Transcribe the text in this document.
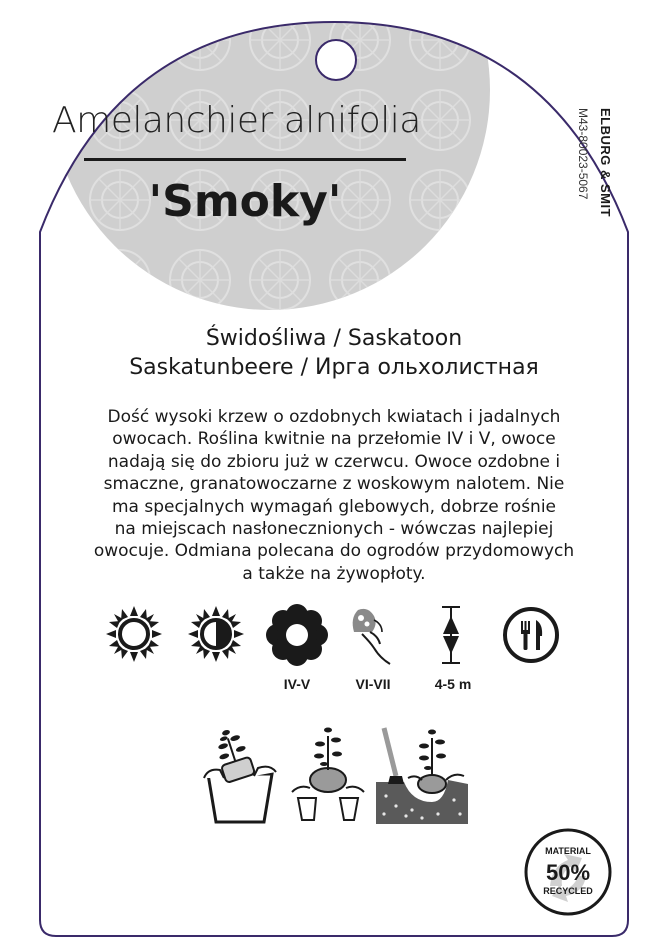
Amelanchier alnifolia
'Smoky'	ELBURG & SMIT
M43-80023-5067
Świdośliwa / Saskatoon
Saskatunbeere / Ирга ольхолистная
Dość wysoki krzew o ozdobnych kwiatach i jadalnych
owocach. Roślina kwitnie na przełomie IV i V, owoce
nadają się do zbioru już w czerwcu. Owoce ozdobne i
smaczne, granatowoczarne z woskowym nalotem. Nie
ma specjalnych wymagań glebowych, dobrze rośnie
na miejscach nasłonecznionych - wówczas najlepiej
owocuje. Odmiana polecana do ogrodów przydomowych
a także na żywopłoty.
IV-V	VI-VII	4-5 m
MATERIAL
50%
RECYCLED
